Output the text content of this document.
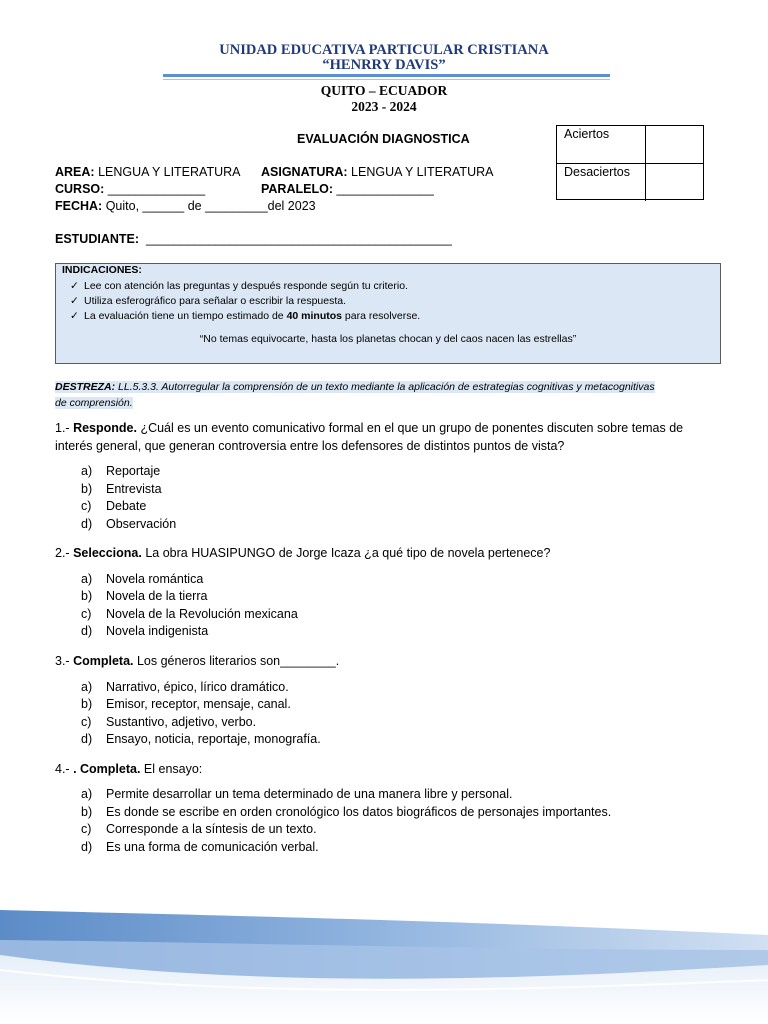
UNIDAD EDUCATIVA PARTICULAR CRISTIANA
“HENRRY DAVIS”
QUITO – ECUADOR
2023 - 2024
EVALUACIÓN DIAGNOSTICA	Aciertos
Desaciertos
AREA: LENGUA Y LITERATURA ASIGNATURA: LENGUA Y LITERATURA
CURSO: ______________	PARALELO: ______________
FECHA: Quito, ______ de _________del 2023
ESTUDIANTE:  ____________________________________________
INDICACIONES:
✓ Lee con atención las preguntas y después responde según tu criterio.
✓ Utiliza esferográfico para señalar o escribir la respuesta.
✓ La evaluación tiene un tiempo estimado de 40 minutos para resolverse.
“No temas equivocarte, hasta los planetas chocan y del caos nacen las estrellas”
DESTREZA: LL.5.3.3. Autorregular la comprensión de un texto mediante la aplicación de estrategias cognitivas y metacognitivas
de comprensión.
1.- Responde. ¿Cuál es un evento comunicativo formal en el que un grupo de ponentes discuten sobre temas de
interés general, que generan controversia entre los defensores de distintos puntos de vista?
a) Reportaje
b) Entrevista
c) Debate
d) Observación
2.- Selecciona. La obra HUASIPUNGO de Jorge Icaza ¿a qué tipo de novela pertenece?
a) Novela romántica
b) Novela de la tierra
c) Novela de la Revolución mexicana
d) Novela indigenista
3.- Completa. Los géneros literarios son________.
a) Narrativo, épico, lírico dramático.
b) Emisor, receptor, mensaje, canal.
c) Sustantivo, adjetivo, verbo.
d) Ensayo, noticia, reportaje, monografía.
4.- . Completa. El ensayo:
a) Permite desarrollar un tema determinado de una manera libre y personal.
b) Es donde se escribe en orden cronológico los datos biográficos de personajes importantes.
c) Corresponde a la síntesis de un texto.
d) Es una forma de comunicación verbal.
